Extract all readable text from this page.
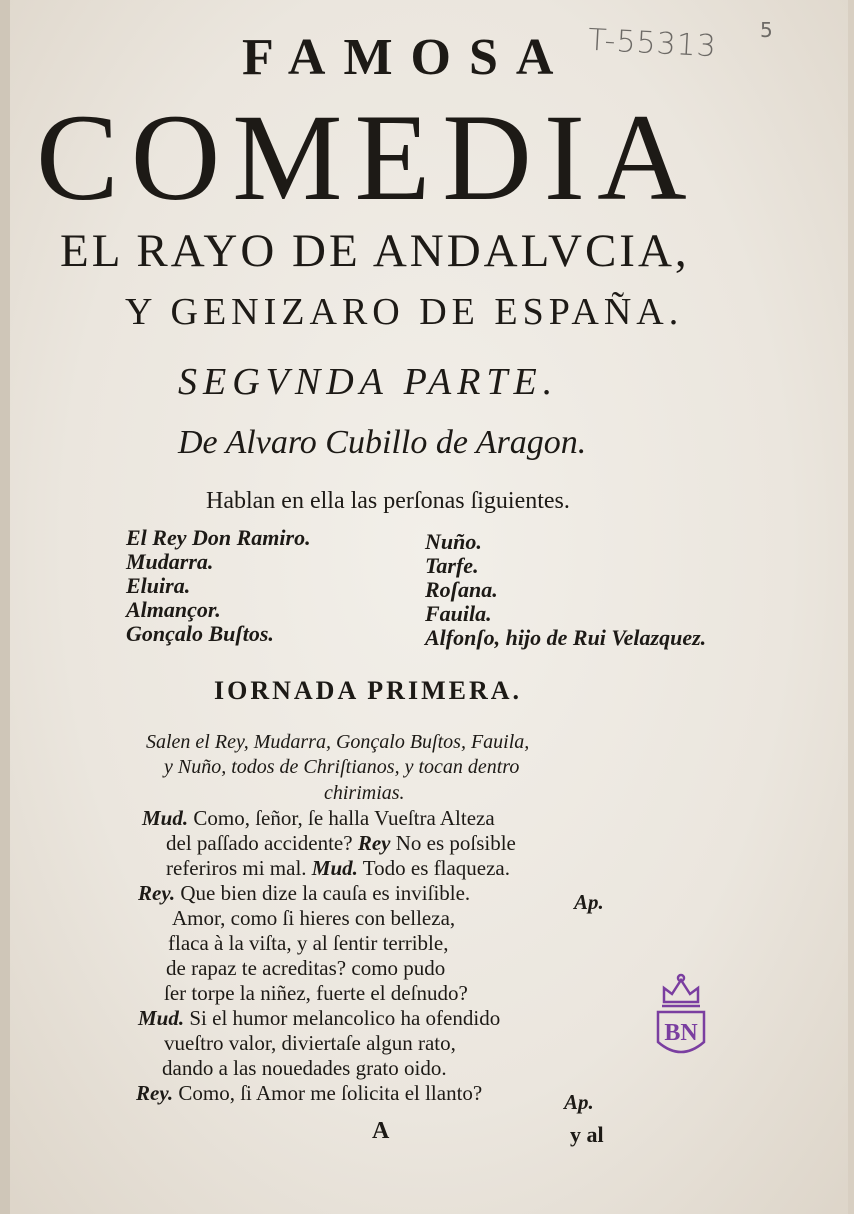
T-55313 5
FAMOSA
COMEDIA
EL RAYO DE ANDALVCIA,
Y GENIZARO DE ESPAÑA.
SEGVNDA PARTE.
De Alvaro Cubillo de Aragon.
Hablan en ella las perſonas ſiguientes.
El Rey Don Ramiro.
Mudarra.
Eluira.
Almançor.
Gonçalo Buſtos.
Nuño.
Tarfe.
Roſana.
Fauila.
Alfonſo, hijo de Rui Velazquez.
IORNADA PRIMERA.
Salen el Rey, Mudarra, Gonçalo Buſtos, Fauila,
y Nuño, todos de Chriſtianos, y tocan dentro
chirimias.
Mud. Como, ſeñor, ſe halla Vueſtra Alteza
del paſſado accidente? Rey No es poſsible
referiros mi mal. Mud. Todo es flaqueza.
Rey. Que bien dize la cauſa es inviſible.	Ap.
Amor, como ſi hieres con belleza,
flaca à la viſta, y al ſentir terrible,
de rapaz te acreditas? como pudo
ſer torpe la niñez, fuerte el deſnudo?
Mud. Si el humor melancolico ha ofendido
vueſtro valor, diviertaſe algun rato,
dando a las nouedades grato oido.
Rey. Como, ſi Amor me ſolicita el llanto?	Ap.
A	y al
BN
